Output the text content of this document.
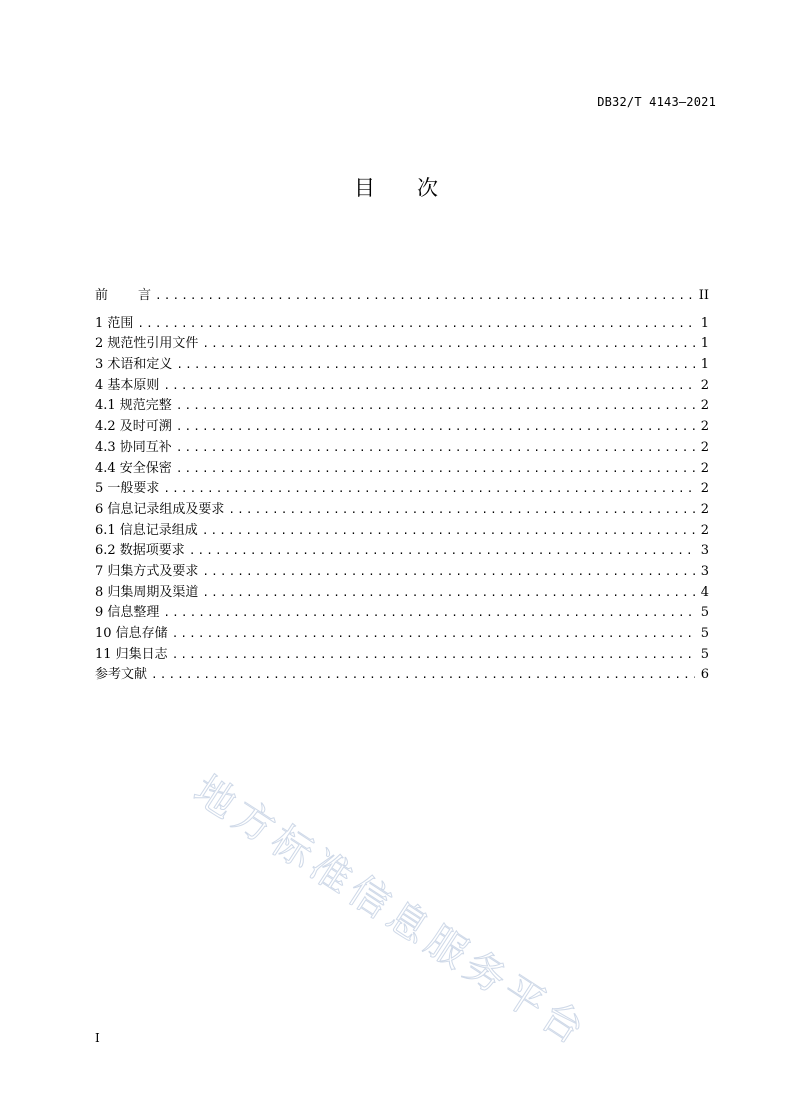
DB32/T 4143—2021
目 次
前 言 .....	II
1 范围 .....	1
2 规范性引用文件 .....	1
3 术语和定义 .....	1
4 基本原则 .....	2
4.1 规范完整 .....	2
4.2 及时可溯 .....	2
4.3 协同互补 .....	2
4.4 安全保密 .....	2
5 一般要求 .....	2
6 信息记录组成及要求 .....	2
6.1 信息记录组成 .....	2
6.2 数据项要求 .....	3
7 归集方式及要求 .....	3
8 归集周期及渠道 .....	4
9 信息整理 .....	5
10 信息存储 .....	5
11 归集日志 .....	5
参考文献 .....	6
地方标准信息服务平台
I
